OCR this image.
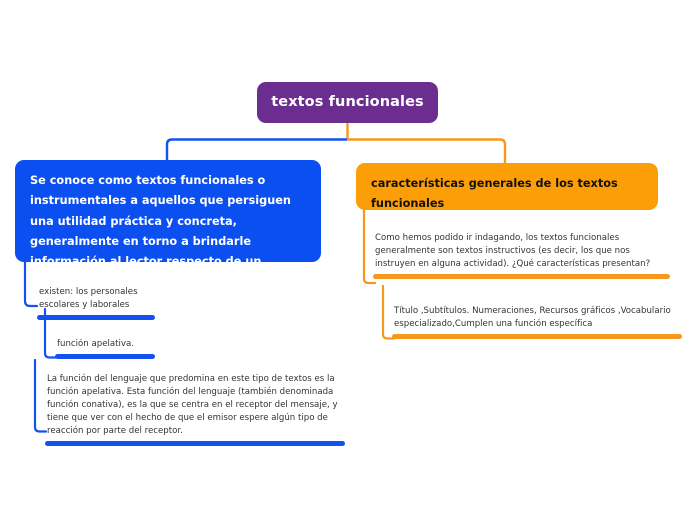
textos funcionales
Se conoce como textos funcionales o instrumentales a aquellos que persiguen una utilidad práctica y concreta, generalmente en torno a brindarle información al lector respecto de un asunto específico de la vida cotidiana
existen: los personales escolares y laborales
función apelativa.
La función del lenguaje que predomina en este tipo de textos es la función apelativa. Esta función del lenguaje (también denominada función conativa), es la que se centra en el receptor del mensaje, y tiene que ver con el hecho de que el emisor espere algún tipo de reacción por parte del receptor.
características generales de los textos funcionales
Como hemos podido ir indagando, los textos funcionales generalmente son textos instructivos (es decir, los que nos instruyen en alguna actividad). ¿Qué características presentan?
Título ,Subtítulos. Numeraciones, Recursos gráficos ,Vocabulario especializado,Cumplen una función específica
